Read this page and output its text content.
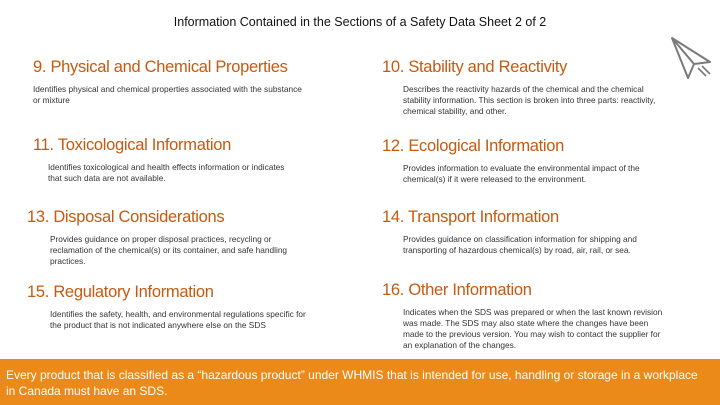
Information Contained in the Sections of a Safety Data Sheet 2 of 2
9. Physical and Chemical Properties
Identifies physical and chemical properties associated with the substance or mixture
10. Stability and Reactivity
Describes the reactivity hazards of the chemical and the chemical stability information. This section is broken into three parts: reactivity, chemical stability, and other.
11. Toxicological Information
Identifies toxicological and health effects information or indicates that such data are not available.
12. Ecological Information
Provides information to evaluate the environmental impact of the chemical(s) if it were released to the environment.
13. Disposal Considerations
Provides guidance on proper disposal practices, recycling or reclamation of the chemical(s) or its container, and safe handling practices.
14. Transport Information
Provides guidance on classification information for shipping and transporting of hazardous chemical(s) by road, air, rail, or sea.
15. Regulatory Information
Identifies the safety, health, and environmental regulations specific for the product that is not indicated anywhere else on the SDS
16. Other Information
Indicates when the SDS was prepared or when the last known revision was made. The SDS may also state where the changes have been made to the previous version. You may wish to contact the supplier for an explanation of the changes.
Every product that is classified as a “hazardous product” under WHMIS that is intended for use, handling or storage in a workplace in Canada must have an SDS.
